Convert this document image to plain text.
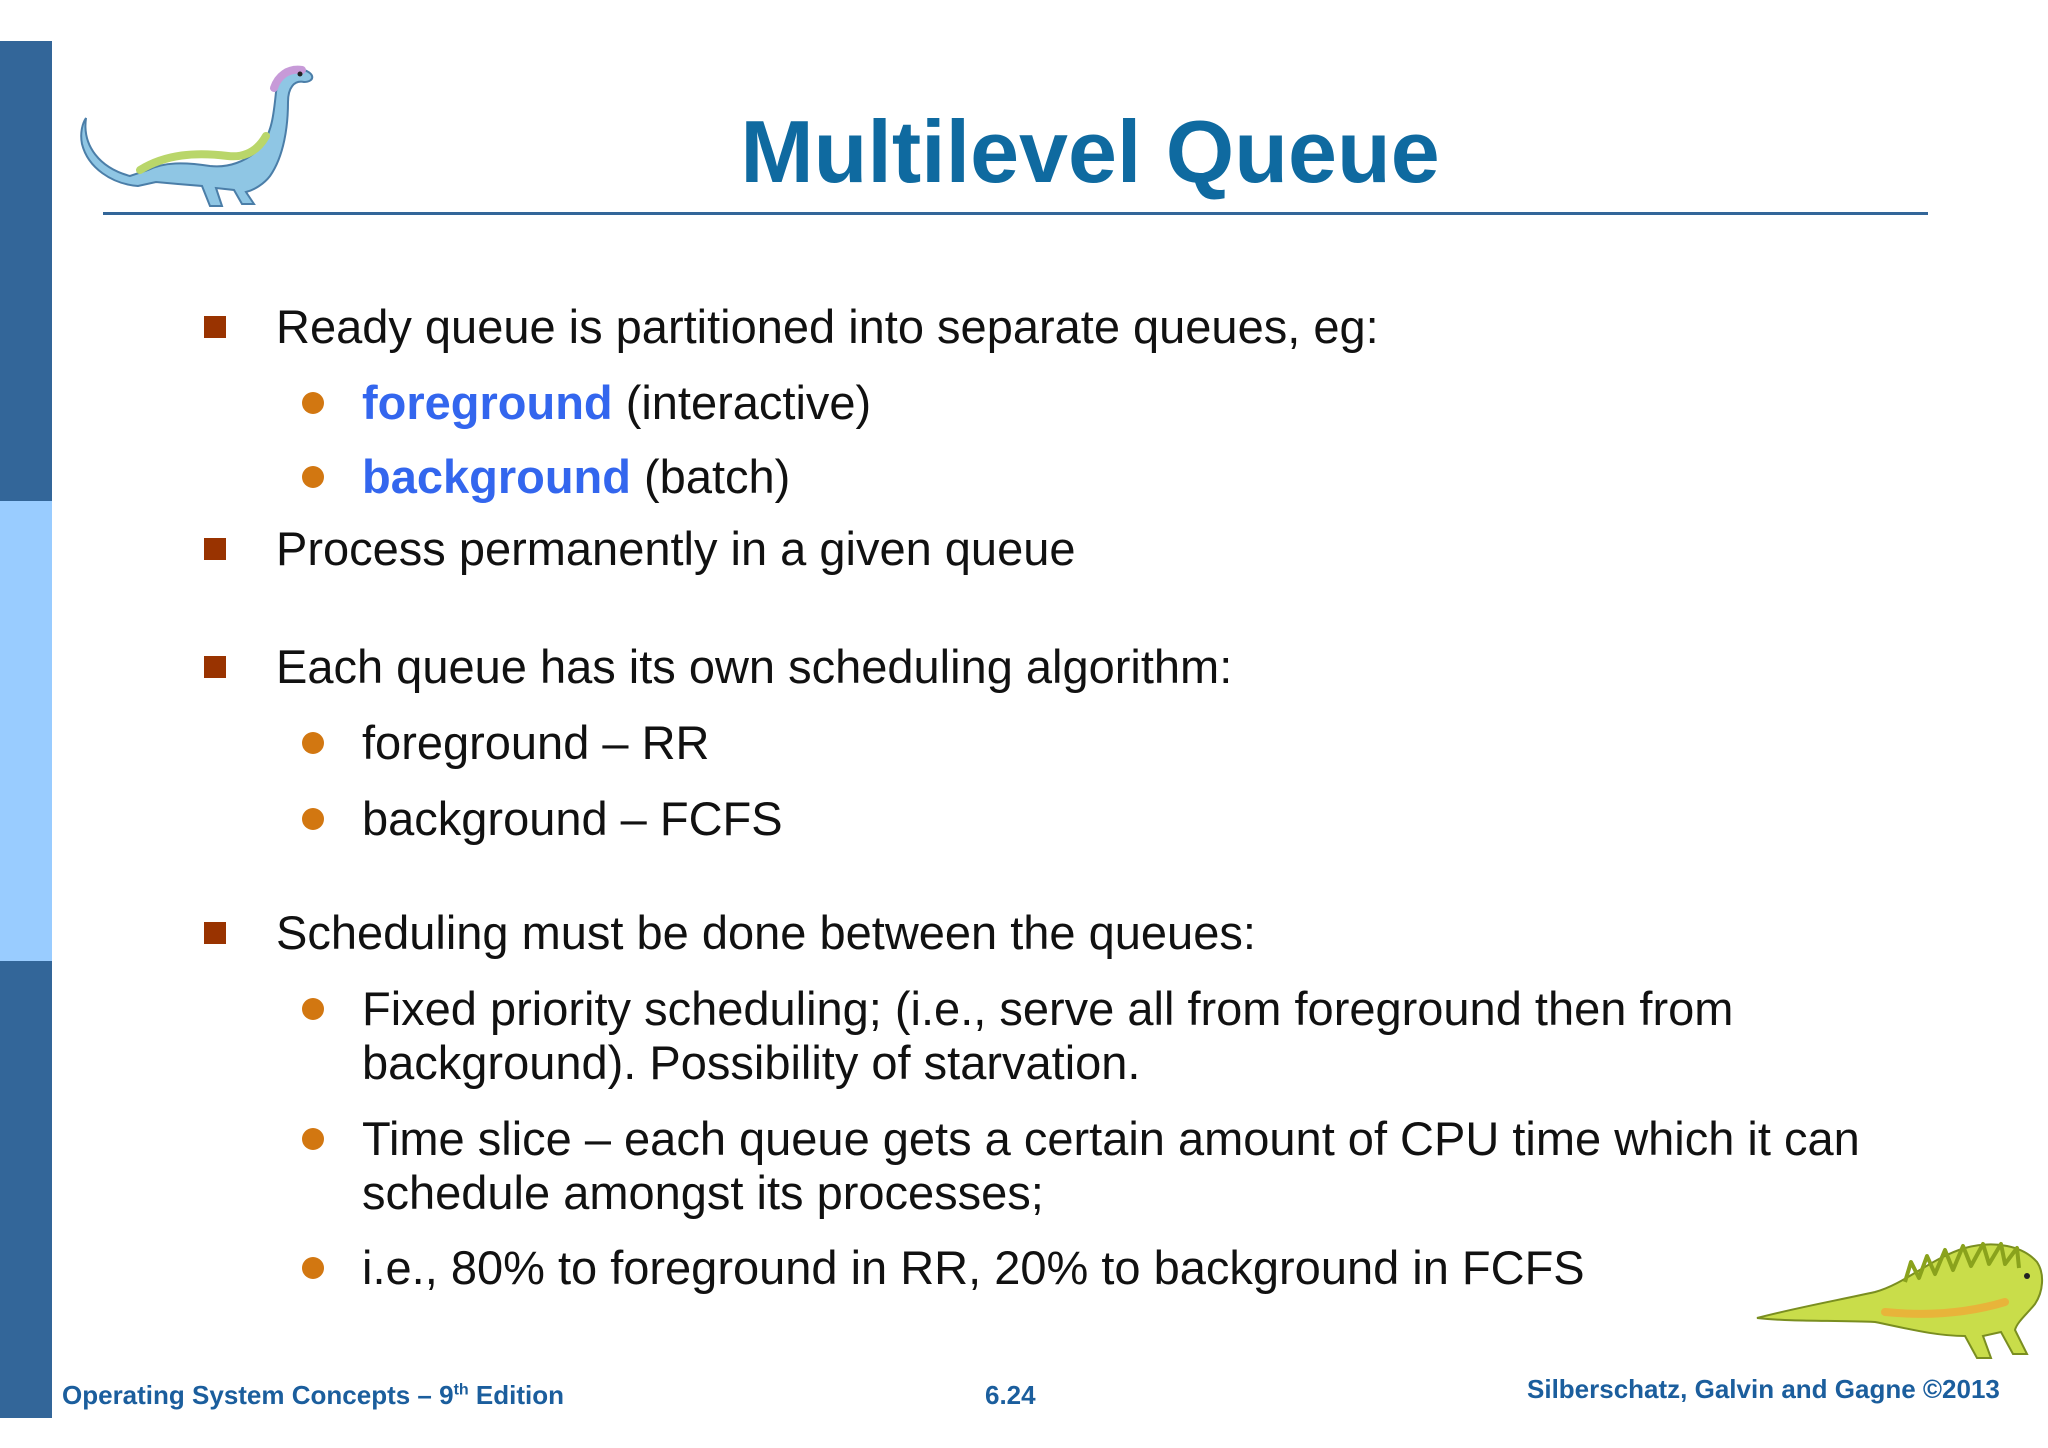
Multilevel Queue
Ready queue is partitioned into separate queues, eg:
foreground (interactive)
background (batch)
Process permanently in a given queue
Each queue has its own scheduling algorithm:
foreground – RR
background – FCFS
Scheduling must be done between the queues:
Fixed priority scheduling; (i.e., serve all from foreground then from
background). Possibility of starvation.
Time slice – each queue gets a certain amount of CPU time which it can
schedule amongst its processes;
i.e., 80% to foreground in RR, 20% to background in FCFS
Operating System Concepts – 9th Edition	6.24	Silberschatz, Galvin and Gagne ©2013
